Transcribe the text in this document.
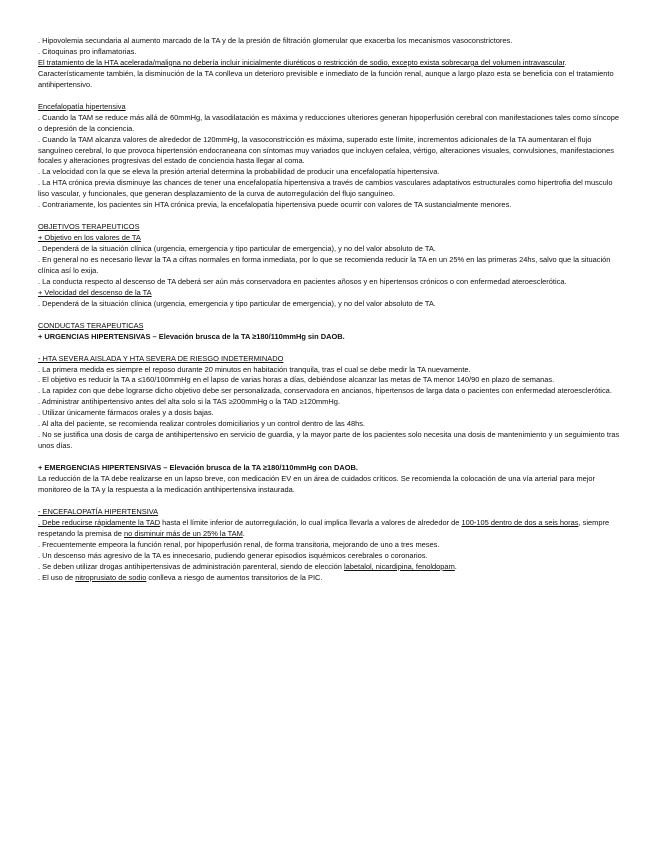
. Hipovolemia secundaria al aumento marcado de la TA y de la presión de filtración glomerular que exacerba los mecanismos vasoconstrictores.

. Citoquinas pro inflamatorias.

El tratamiento de la HTA acelerada/maligna no debería incluir inicialmente diuréticos o restricción de sodio, excepto exista sobrecarga del volumen intravascular. Característicamente también, la disminución de la TA conlleva un deterioro previsible e inmediato de la función renal, aunque a largo plazo esta se beneficia con el tratamiento antihipertensivo.

Encefalopatía hipertensiva

. Cuando la TAM se reduce más allá de 60mmHg, la vasodilatación es máxima y reducciones ulteriores generan hipoperfusión cerebral con manifestaciones tales como síncope o depresión de la conciencia.

. Cuando la TAM alcanza valores de alrededor de 120mmHg, la vasoconstricción es máxima, superado este límite, incrementos adicionales de la TA aumentaran el flujo sanguíneo cerebral, lo que provoca hipertensión endocraneana con síntomas muy variados que incluyen cefalea, vértigo, alteraciones visuales, convulsiones, manifestaciones focales y alteraciones progresivas del estado de conciencia hasta llegar al coma.

. La velocidad con la que se eleva la presión arterial determina la probabilidad de producir una encefalopatía hipertensiva.

. La HTA crónica previa disminuye las chances de tener una encefalopatía hipertensiva a través de cambios vasculares adaptativos estructurales como hipertrofia del musculo liso vascular, y funcionales, que generan desplazamiento de la curva de autorregulación del flujo sanguíneo.

. Contrariamente, los pacientes sin HTA crónica previa, la encefalopatía hipertensiva puede ocurrir con valores de TA sustancialmente menores.

OBJETIVOS TERAPEUTICOS

+ Objetivo en los valores de TA

. Dependerá de la situación clínica (urgencia, emergencia y tipo particular de emergencia), y no del valor absoluto de TA.

. En general no es necesario llevar la TA a cifras normales en forma inmediata, por lo que se recomienda reducir la TA en un 25% en las primeras 24hs, salvo que la situación clínica así lo exija.

. La conducta respecto al descenso de TA deberá ser aún más conservadora en pacientes añosos y en hipertensos crónicos o con enfermedad ateroesclerótica.

+ Velocidad del descenso de la TA

. Dependerá de la situación clínica (urgencia, emergencia y tipo particular de emergencia), y no del valor absoluto de TA.

CONDUCTAS TERAPEUTICAS

+ URGENCIAS HIPERTENSIVAS – Elevación brusca de la TA ≥180/110mmHg sin DAOB.

- HTA SEVERA AISLADA Y HTA SEVERA DE RIESGO INDETERMINADO

. La primera medida es siempre el reposo durante 20 minutos en habitación tranquila, tras el cual se debe medir la TA nuevamente.

. El objetivo es reducir la TA a ≤160/100mmHg en el lapso de varias horas a días, debiéndose alcanzar las metas de TA menor 140/90 en plazo de semanas.

. La rapidez con que debe lograrse dicho objetivo debe ser personalizada, conservadora en ancianos, hipertensos de larga data o pacientes con enfermedad ateroesclerótica.

. Administrar antihipertensivo antes del alta solo si la TAS ≥200mmHg o la TAD ≥120mmHg.

. Utilizar únicamente fármacos orales y a dosis bajas.

. Al alta del paciente, se recomienda realizar controles domiciliarios y un control dentro de las 48hs.

. No se justifica una dosis de carga de antihipertensivo en servicio de guardia, y la mayor parte de los pacientes solo necesita una dosis de mantenimiento y un seguimiento tras unos días.

+ EMERGENCIAS HIPERTENSIVAS – Elevación brusca de la TA ≥180/110mmHg con DAOB.

La reducción de la TA debe realizarse en un lapso breve, con medicación EV en un área de cuidados críticos. Se recomienda la colocación de una vía arterial para mejor monitoreo de la TA y la respuesta a la medicación antihipertensiva instaurada.

- ENCEFALOPATÍA HIPERTENSIVA

. Debe reducirse rápidamente la TAD hasta el límite inferior de autorregulación, lo cual implica llevarla a valores de alrededor de 100-105 dentro de dos a seis horas, siempre respetando la premisa de no disminuir más de un 25% la TAM.

. Frecuentemente empeora la función renal, por hipoperfusión renal, de forma transitoria, mejorando de uno a tres meses.

. Un descenso más agresivo de la TA es innecesario, pudiendo generar episodios isquémicos cerebrales o coronarios.

. Se deben utilizar drogas antihipertensivas de administración parenteral, siendo de elección labetalol, nicardipina, fenoldopam.

. El uso de nitroprusiato de sodio conlleva a riesgo de aumentos transitorios de la PIC.
